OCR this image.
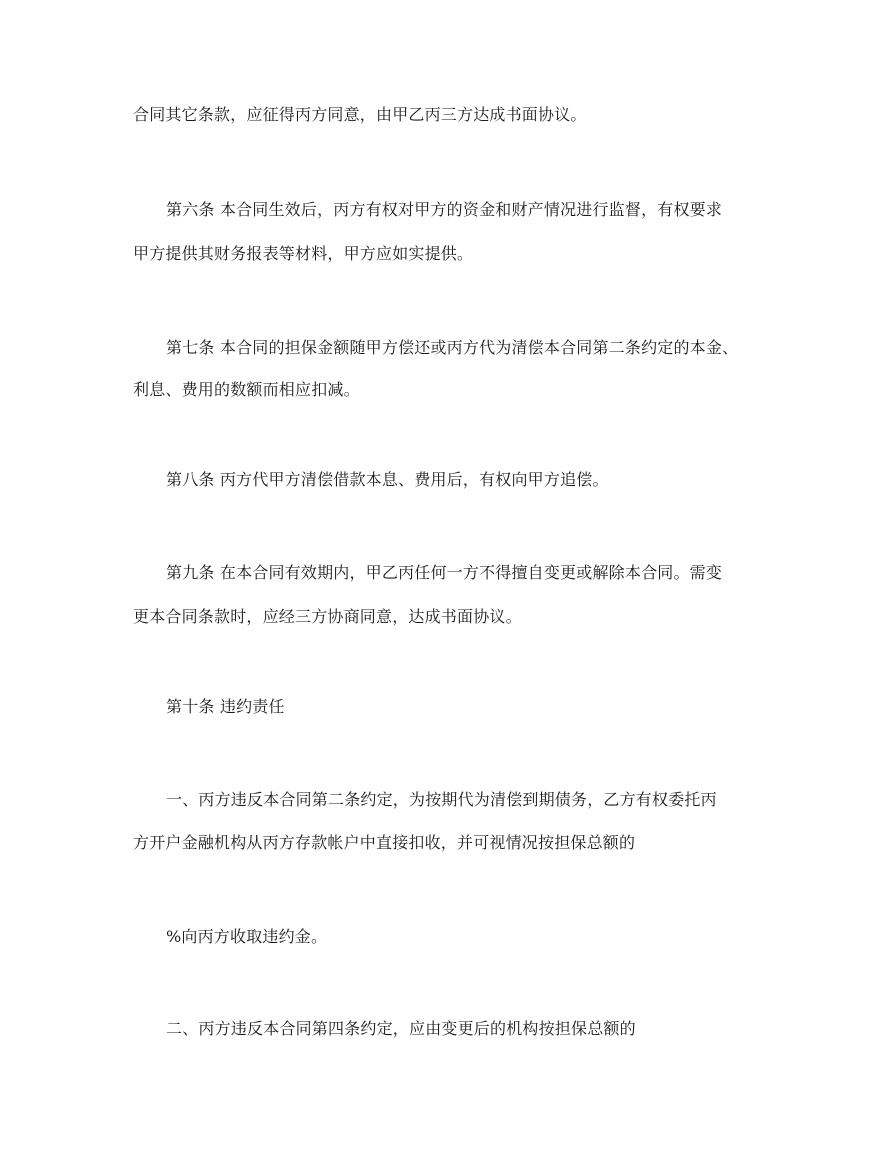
合同其它条款，应征得丙方同意，由甲乙丙三方达成书面协议。
第六条 本合同生效后，丙方有权对甲方的资金和财产情况进行监督，有权要求
甲方提供其财务报表等材料，甲方应如实提供。
第七条 本合同的担保金额随甲方偿还或丙方代为清偿本合同第二条约定的本金、
利息、费用的数额而相应扣减。
第八条 丙方代甲方清偿借款本息、费用后，有权向甲方追偿。
第九条 在本合同有效期内，甲乙丙任何一方不得擅自变更或解除本合同。需变
更本合同条款时，应经三方协商同意，达成书面协议。
第十条 违约责任
一、丙方违反本合同第二条约定，为按期代为清偿到期债务，乙方有权委托丙
方开户金融机构从丙方存款帐户中直接扣收，并可视情况按担保总额的
%向丙方收取违约金。
二、丙方违反本合同第四条约定，应由变更后的机构按担保总额的
